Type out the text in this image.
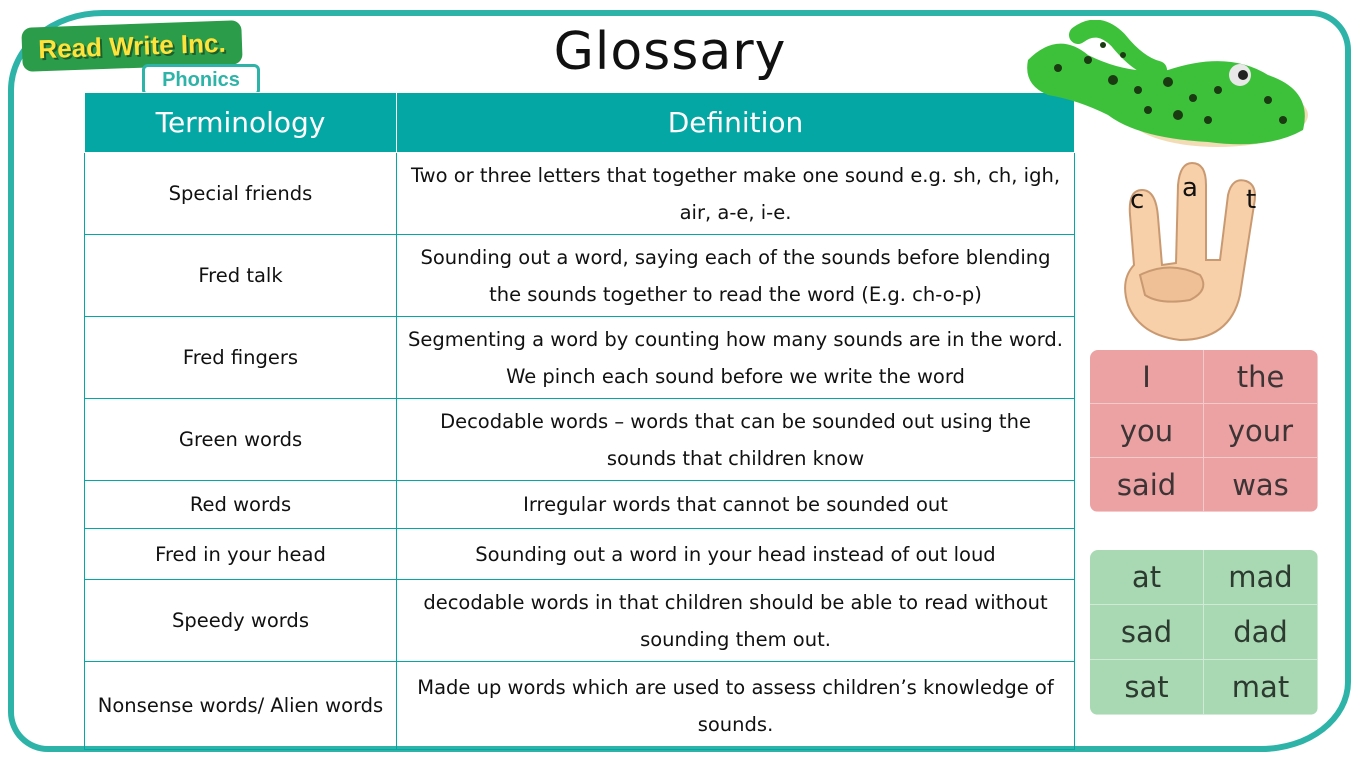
Read Write Inc.
Phonics	Glossary
Terminology	Definition
Special friends	Two or three letters that together make one sound e.g. sh, ch, igh, air, a-e, i-e.
Fred talk	Sounding out a word, saying each of the sounds before blending the sounds together to read the word (E.g. ch-o-p)
Fred fingers	Segmenting a word by counting how many sounds are in the word. We pinch each sound before we write the word
Green words	Decodable words – words that can be sounded out using the sounds that children know
Red words	Irregular words that cannot be sounded out
Fred in your head	Sounding out a word in your head instead of out loud
Speedy words	decodable words in that children should be able to read without sounding them out.
Nonsense words/ Alien words	Made up words which are used to assess children’s knowledge of sounds.
c a t
I	the
you your
said was
at mad
sad dad
sat mat
